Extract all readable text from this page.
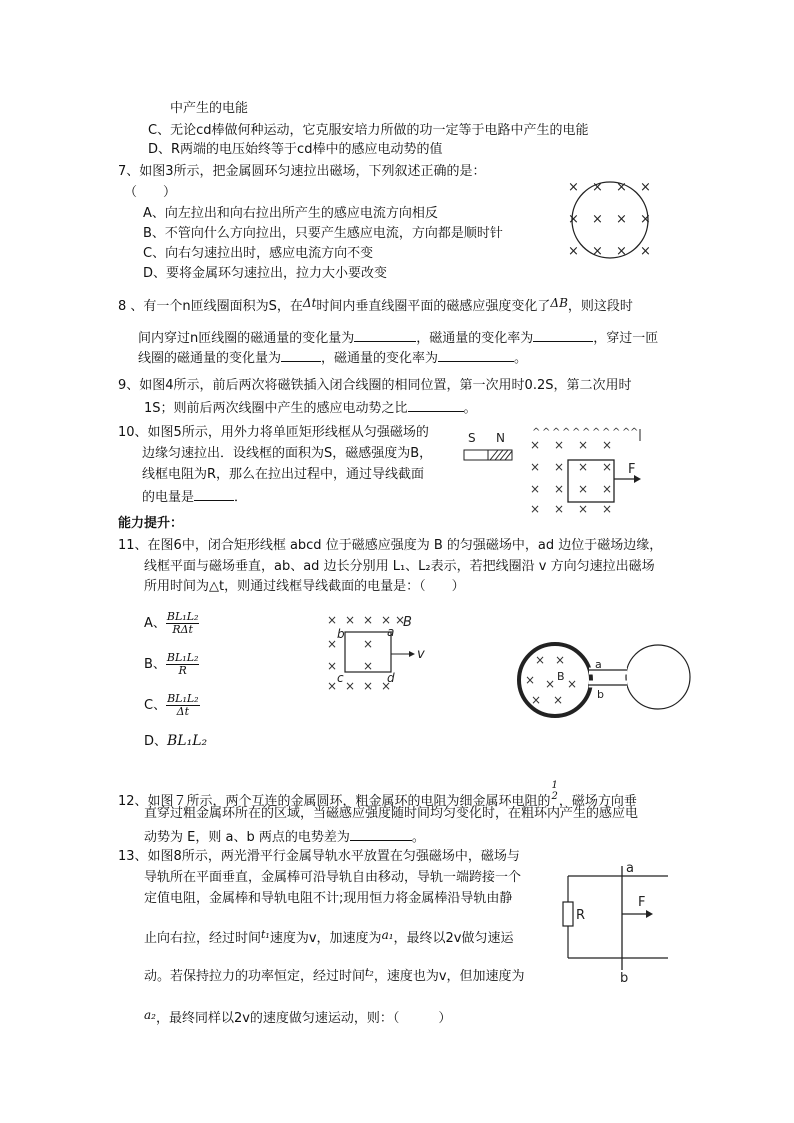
中产生的电能
C、无论cd棒做何种运动，它克服安培力所做的功一定等于电路中产生的电能
D、R两端的电压始终等于cd棒中的感应电动势的值
7、如图3所示，把金属圆环匀速拉出磁场，下列叙述正确的是：
（　　）
A、向左拉出和向右拉出所产生的感应电流方向相反
B、不管向什么方向拉出，只要产生感应电流，方向都是顺时针
C、向右匀速拉出时，感应电流方向不变
D、要将金属环匀速拉出，拉力大小要改变
× × × ×
× × × ×
× × × ×
8 、有一个n匝线圈面积为S，在Δt时间内垂直线圈平面的磁感应强度变化了ΔB，则这段时
间内穿过n匝线圈的磁通量的变化量为	，磁通量的变化率为	，穿过一匝
线圈的磁通量的变化量为	，磁通量的变化率为	。
9、如图4所示，前后两次将磁铁插入闭合线圈的相同位置，第一次用时0.2S，第二次用时
1S；则前后两次线圈中产生的感应电动势之比	。
10、如图5所示，用外力将单匝矩形线框从匀强磁场的
边缘匀速拉出．设线框的面积为S，磁感强度为B，
线框电阻为R，那么在拉出过程中，通过导线截面
的电量是	．
S N	^ ^ ^ ^ ^ ^ ^ ^ ^ ^ ^
× × × ×
× × × ×
× × × ×
× × × ×
F
能力提升：
11、在图6中，闭合矩形线框 abcd 位于磁感应强度为 B 的匀强磁场中，ad 边位于磁场边缘，
线框平面与磁场垂直，ab、ad 边长分别用 L₁、L₂表示，若把线圈沿 v 方向匀速拉出磁场
所用时间为△t，则通过线框导线截面的电量是：（　　）
A、 $\frac{\text{BL₁L₂}}{\text{RΔt}}$
B、 $\frac{\text{BL₁L₂}}{R}$
C、 $\frac{\text{BL₁L₂}}{\Delta t}$
D、BL₁L₂
× × × ×
× ×
× ×
× × × ×
×
B
b	a
c	d
v	× ×
× × ×
× ×
B
a
b
12、如图７所示，两个互连的金属圆环，粗金属环的电阻为细金属环电阻的
1
2 ，磁场方向垂
直穿过粗金属环所在的区域，当磁感应强度随时间均匀变化时，在粗环内产生的感应电
动势为 E，则 a、b 两点的电势差为	。
13、如图8所示，两光滑平行金属导轨水平放置在匀强磁场中，磁场与
导轨所在平面垂直，金属棒可沿导轨自由移动，导轨一端跨接一个
定值电阻，金属棒和导轨电阻不计;现用恒力将金属棒沿导轨由静
止向右拉，经过时间$^{t_1}$速度为v，加速度为a₁，最终以2v做匀速运
动。若保持拉力的功率恒定，经过时间$^{t_2}$，速度也为v，但加速度为
a₂，最终同样以2v的速度做匀速运动，则：（　　　）
a
R
F
b
